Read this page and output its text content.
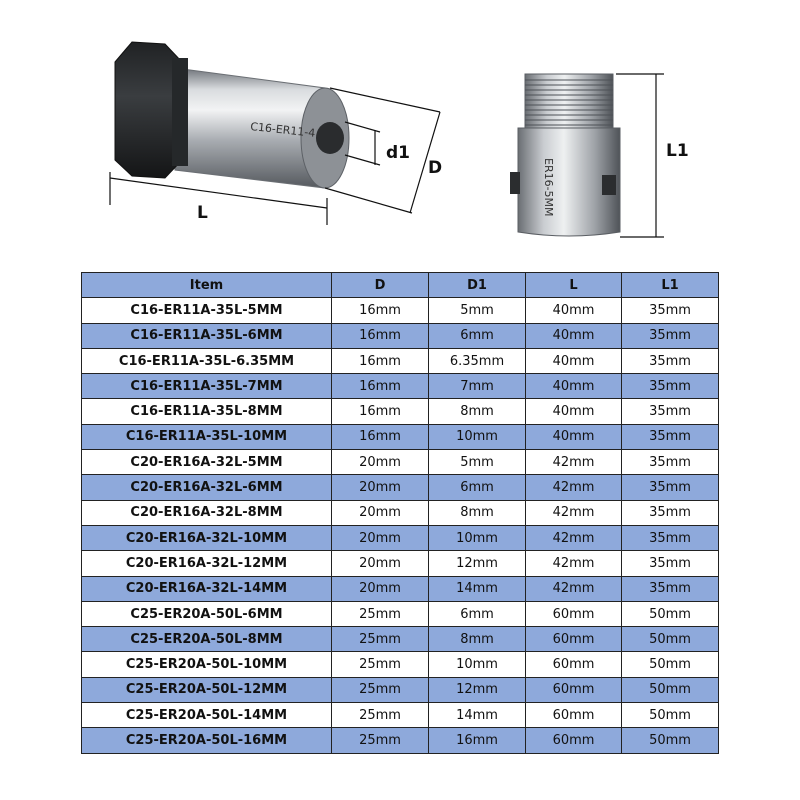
C16-ER11-4
L
d1
D	ER16-5MM
L1
Item	D	D1	L	L1
C16-ER11A-35L-5MM	16mm	5mm	40mm	35mm
C16-ER11A-35L-6MM	16mm	6mm	40mm	35mm
C16-ER11A-35L-6.35MM	16mm	6.35mm	40mm	35mm
C16-ER11A-35L-7MM	16mm	7mm	40mm	35mm
C16-ER11A-35L-8MM	16mm	8mm	40mm	35mm
C16-ER11A-35L-10MM	16mm	10mm	40mm	35mm
C20-ER16A-32L-5MM	20mm	5mm	42mm	35mm
C20-ER16A-32L-6MM	20mm	6mm	42mm	35mm
C20-ER16A-32L-8MM	20mm	8mm	42mm	35mm
C20-ER16A-32L-10MM	20mm	10mm	42mm	35mm
C20-ER16A-32L-12MM	20mm	12mm	42mm	35mm
C20-ER16A-32L-14MM	20mm	14mm	42mm	35mm
C25-ER20A-50L-6MM	25mm	6mm	60mm	50mm
C25-ER20A-50L-8MM	25mm	8mm	60mm	50mm
C25-ER20A-50L-10MM	25mm	10mm	60mm	50mm
C25-ER20A-50L-12MM	25mm	12mm	60mm	50mm
C25-ER20A-50L-14MM	25mm	14mm	60mm	50mm
C25-ER20A-50L-16MM	25mm	16mm	60mm	50mm
